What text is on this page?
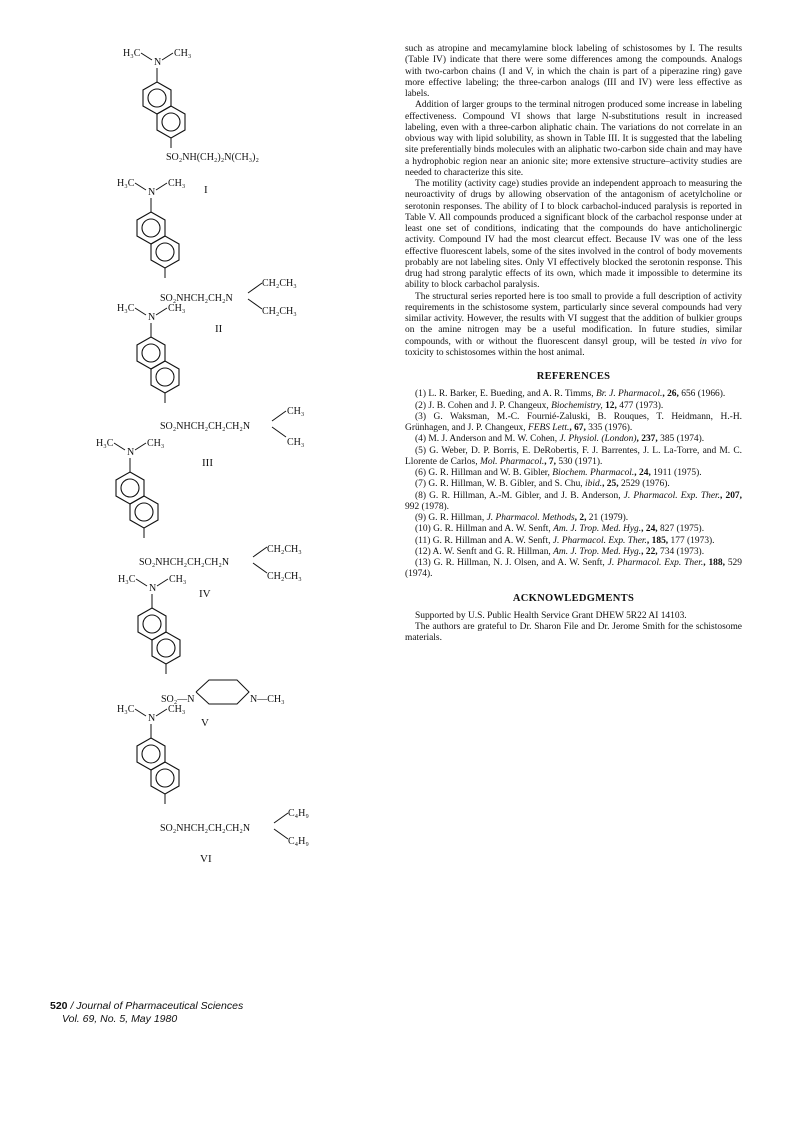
H₃C
N
CH₃
SO₂NH(CH₂)₂N(CH₃)₂
I
H₃C
N
CH₃
SO₂NHCH₂CH₂N
CH₂CH₃
CH₂CH₃
II
H₃C
N
CH₃
SO₂NHCH₂CH₂CH₂N
CH₃
CH₃
III
H₃C
N
CH₃
SO₂NHCH₂CH₂CH₂N
CH₂CH₃
CH₂CH₃
IV
H₃C
N
CH₃
SO₂—N	N—CH₃
V
H₃C
N
CH₃
SO₂NHCH₂CH₂CH₂N
C₄H₉
C₄H₉
VI

such as atropine and mecamylamine block labeling of schistosomes by I. The results (Table IV) indicate that there were some differences among the compounds. Analogs with two-carbon chains (I and V, in which the chain is part of a piperazine ring) gave more effective labeling; the three-carbon analogs (III and IV) were less effective as labels.

Addition of larger groups to the terminal nitrogen produced some increase in labeling effectiveness. Compound VI shows that large N-substitutions result in increased labeling, even with a three-carbon aliphatic chain. The variations do not correlate in an obvious way with lipid solubility, as shown in Table III. It is suggested that the labeling site preferentially binds molecules with an aliphatic two-carbon side chain and may have a hydrophobic region near an anionic site; more extensive structure–activity studies are needed to characterize this site.

The motility (activity cage) studies provide an independent approach to measuring the neuroactivity of drugs by allowing observation of the antagonism of acetylcholine or serotonin responses. The ability of I to block carbachol-induced paralysis is reported in Table V. All compounds produced a significant block of the carbachol response under at least one set of conditions, indicating that the compounds do have anticholinergic activity. Compound IV had the most clearcut effect. Because IV was one of the less effective fluorescent labels, some of the sites involved in the control of body movements probably are not labeling sites. Only VI effectively blocked the serotonin response. This drug had strong paralytic effects of its own, which made it impossible to determine its ability to block carbachol paralysis.

The structural series reported here is too small to provide a full description of activity requirements in the schistosome system, particularly since several compounds had very similar activity. However, the results with VI suggest that the addition of bulkier groups on the amine nitrogen may be a useful modification. In future studies, similar compounds, with or without the fluorescent dansyl group, will be tested in vivo for toxicity to schistosomes within the host animal.

REFERENCES
(1) L. R. Barker, E. Bueding, and A. R. Timms, Br. J. Pharmacol., 26, 656 (1966).
(2) J. B. Cohen and J. P. Changeux, Biochemistry, 12, 477 (1973).
(3) G. Waksman, M.-C. Fournié-Zaluski, B. Rouques, T. Heidmann, H.-H. Grünhagen, and J. P. Changeux, FEBS Lett., 67, 335 (1976).
(4) M. J. Anderson and M. W. Cohen, J. Physiol. (London), 237, 385 (1974).
(5) G. Weber, D. P. Borris, E. DeRobertis, F. J. Barrentes, J. L. La-Torre, and M. C. Llorente de Carlos, Mol. Pharmacol., 7, 530 (1971).
(6) G. R. Hillman and W. B. Gibler, Biochem. Pharmacol., 24, 1911 (1975).
(7) G. R. Hillman, W. B. Gibler, and S. Chu, ibid., 25, 2529 (1976).
(8) G. R. Hillman, A.-M. Gibler, and J. B. Anderson, J. Pharmacol. Exp. Ther., 207, 992 (1978).
(9) G. R. Hillman, J. Pharmacol. Methods, 2, 21 (1979).
(10) G. R. Hillman and A. W. Senft, Am. J. Trop. Med. Hyg., 24, 827 (1975).
(11) G. R. Hillman and A. W. Senft, J. Pharmacol. Exp. Ther., 185, 177 (1973).
(12) A. W. Senft and G. R. Hillman, Am. J. Trop. Med. Hyg., 22, 734 (1973).
(13) G. R. Hillman, N. J. Olsen, and A. W. Senft, J. Pharmacol. Exp. Ther., 188, 529 (1974).
ACKNOWLEDGMENTS

Supported by U.S. Public Health Service Grant DHEW 5R22 AI 14103.

The authors are grateful to Dr. Sharon File and Dr. Jerome Smith for the schistosome materials.

520 / Journal of Pharmaceutical Sciences
Vol. 69, No. 5, May 1980
